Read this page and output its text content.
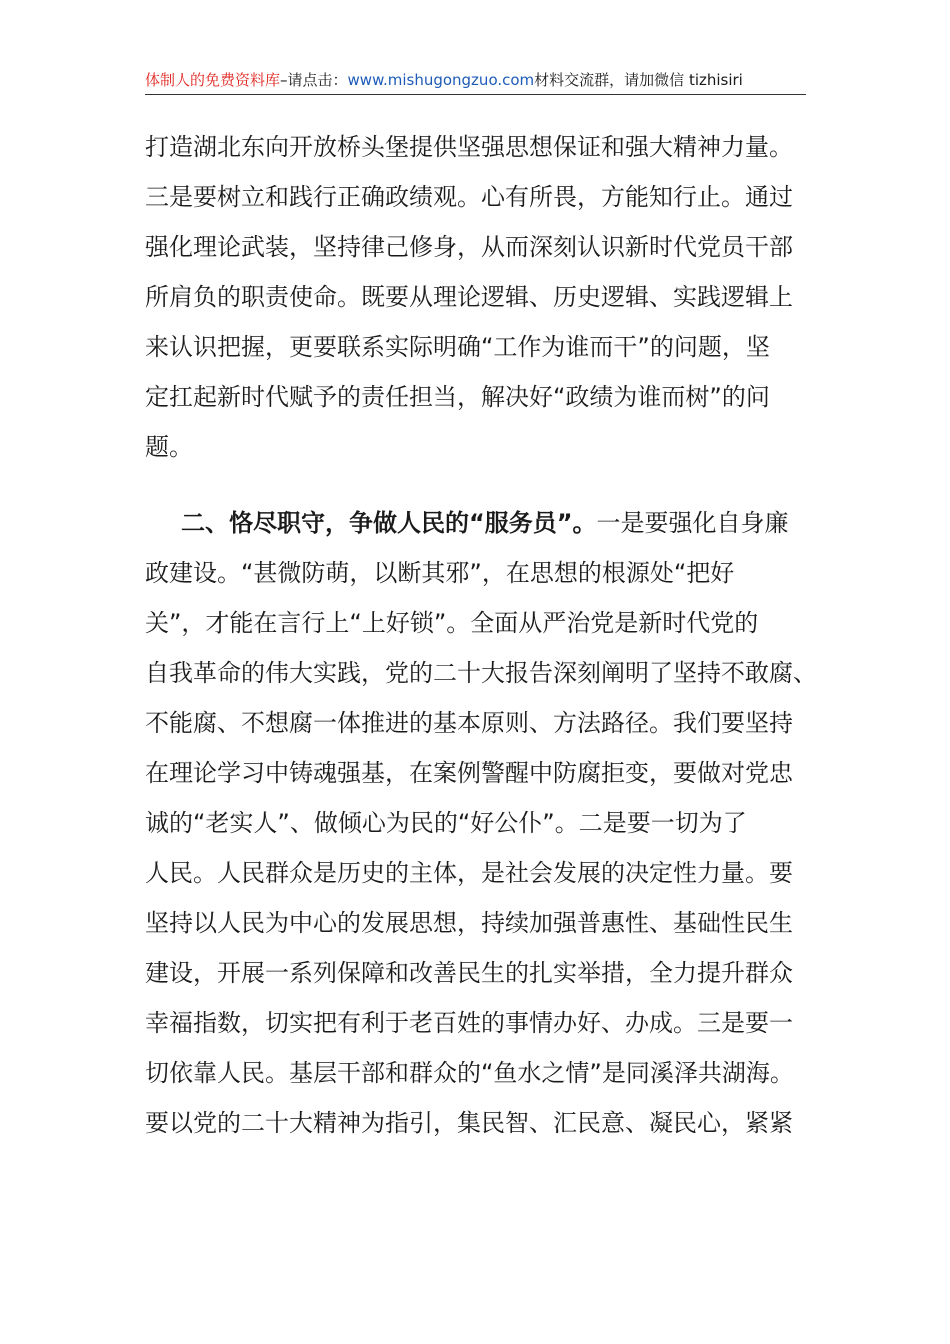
体制人的免费资料库–请点击：www.mishugongzuo.com材料交流群，请加微信 tizhisiri
打造湖北东向开放桥头堡提供坚强思想保证和强大精神力量。
三是要树立和践行正确政绩观。心有所畏，方能知行止。通过
强化理论武装，坚持律己修身，从而深刻认识新时代党员干部
所肩负的职责使命。既要从理论逻辑、历史逻辑、实践逻辑上
来认识把握，更要联系实际明确“工作为谁而干”的问题，坚
定扛起新时代赋予的责任担当，解决好“政绩为谁而树”的问
题。
二、恪尽职守，争做人民的“服务员”。一是要强化自身廉
政建设。“甚微防萌，以断其邪”，在思想的根源处“把好
关”，才能在言行上“上好锁”。全面从严治党是新时代党的
自我革命的伟大实践，党的二十大报告深刻阐明了坚持不敢腐、
不能腐、不想腐一体推进的基本原则、方法路径。我们要坚持
在理论学习中铸魂强基，在案例警醒中防腐拒变，要做对党忠
诚的“老实人”、做倾心为民的“好公仆”。二是要一切为了
人民。人民群众是历史的主体，是社会发展的决定性力量。要
坚持以人民为中心的发展思想，持续加强普惠性、基础性民生
建设，开展一系列保障和改善民生的扎实举措，全力提升群众
幸福指数，切实把有利于老百姓的事情办好、办成。三是要一
切依靠人民。基层干部和群众的“鱼水之情”是同溪泽共湖海。
要以党的二十大精神为指引，集民智、汇民意、凝民心，紧紧
